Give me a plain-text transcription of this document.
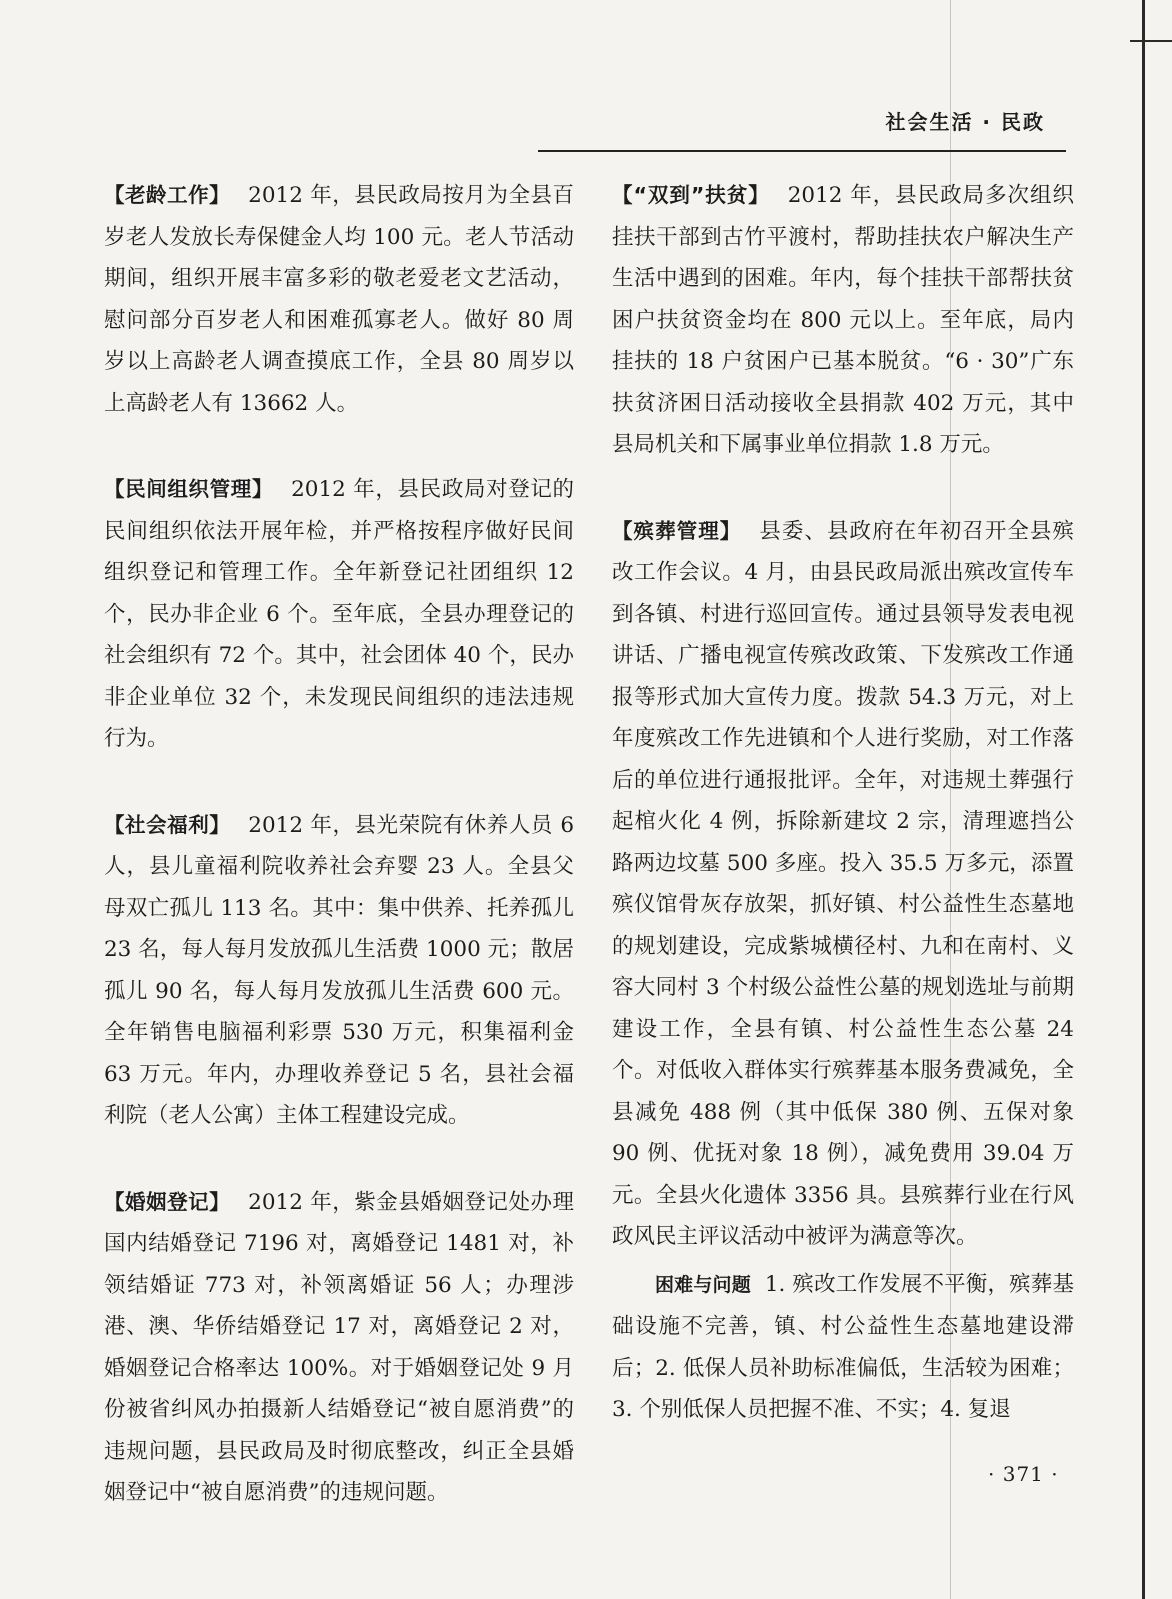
社会生活 · 民政

【老龄工作】 2012 年，县民政局按月为全县百岁老人发放长寿保健金人均 100 元。老人节活动期间，组织开展丰富多彩的敬老爱老文艺活动，慰问部分百岁老人和困难孤寡老人。做好 80 周岁以上高龄老人调查摸底工作，全县 80 周岁以上高龄老人有 13662 人。

【民间组织管理】 2012 年，县民政局对登记的民间组织依法开展年检，并严格按程序做好民间组织登记和管理工作。全年新登记社团组织 12 个，民办非企业 6 个。至年底，全县办理登记的社会组织有 72 个。其中，社会团体 40 个，民办非企业单位 32 个，未发现民间组织的违法违规行为。

【社会福利】 2012 年，县光荣院有休养人员 6 人，县儿童福利院收养社会弃婴 23 人。全县父母双亡孤儿 113 名。其中：集中供养、托养孤儿 23 名，每人每月发放孤儿生活费 1000 元；散居孤儿 90 名，每人每月发放孤儿生活费 600 元。全年销售电脑福利彩票 530 万元，积集福利金 63 万元。年内，办理收养登记 5 名，县社会福利院（老人公寓）主体工程建设完成。

【婚姻登记】 2012 年，紫金县婚姻登记处办理国内结婚登记 7196 对，离婚登记 1481 对，补领结婚证 773 对，补领离婚证 56 人；办理涉港、澳、华侨结婚登记 17 对，离婚登记 2 对，婚姻登记合格率达 100%。对于婚姻登记处 9 月份被省纠风办拍摄新人结婚登记“被自愿消费”的违规问题，县民政局及时彻底整改，纠正全县婚姻登记中“被自愿消费”的违规问题。

【“双到”扶贫】 2012 年，县民政局多次组织挂扶干部到古竹平渡村，帮助挂扶农户解决生产生活中遇到的困难。年内，每个挂扶干部帮扶贫困户扶贫资金均在 800 元以上。至年底，局内挂扶的 18 户贫困户已基本脱贫。“6 · 30”广东扶贫济困日活动接收全县捐款 402 万元，其中县局机关和下属事业单位捐款 1.8 万元。

【殡葬管理】 县委、县政府在年初召开全县殡改工作会议。4 月，由县民政局派出殡改宣传车到各镇、村进行巡回宣传。通过县领导发表电视讲话、广播电视宣传殡改政策、下发殡改工作通报等形式加大宣传力度。拨款 54.3 万元，对上年度殡改工作先进镇和个人进行奖励，对工作落后的单位进行通报批评。全年，对违规土葬强行起棺火化 4 例，拆除新建坟 2 宗，清理遮挡公路两边坟墓 500 多座。投入 35.5 万多元，添置殡仪馆骨灰存放架，抓好镇、村公益性生态墓地的规划建设，完成紫城横径村、九和在南村、义容大同村 3 个村级公益性公墓的规划选址与前期建设工作，全县有镇、村公益性生态公墓 24 个。对低收入群体实行殡葬基本服务费减免，全县减免 488 例（其中低保 380 例、五保对象 90 例、优抚对象 18 例），减免费用 39.04 万元。全县火化遗体 3356 具。县殡葬行业在行风政风民主评议活动中被评为满意等次。

困难与问题 1. 殡改工作发展不平衡，殡葬基础设施不完善，镇、村公益性生态墓地建设滞后；2. 低保人员补助标准偏低，生活较为困难；3. 个别低保人员把握不准、不实；4. 复退

· 371 ·
